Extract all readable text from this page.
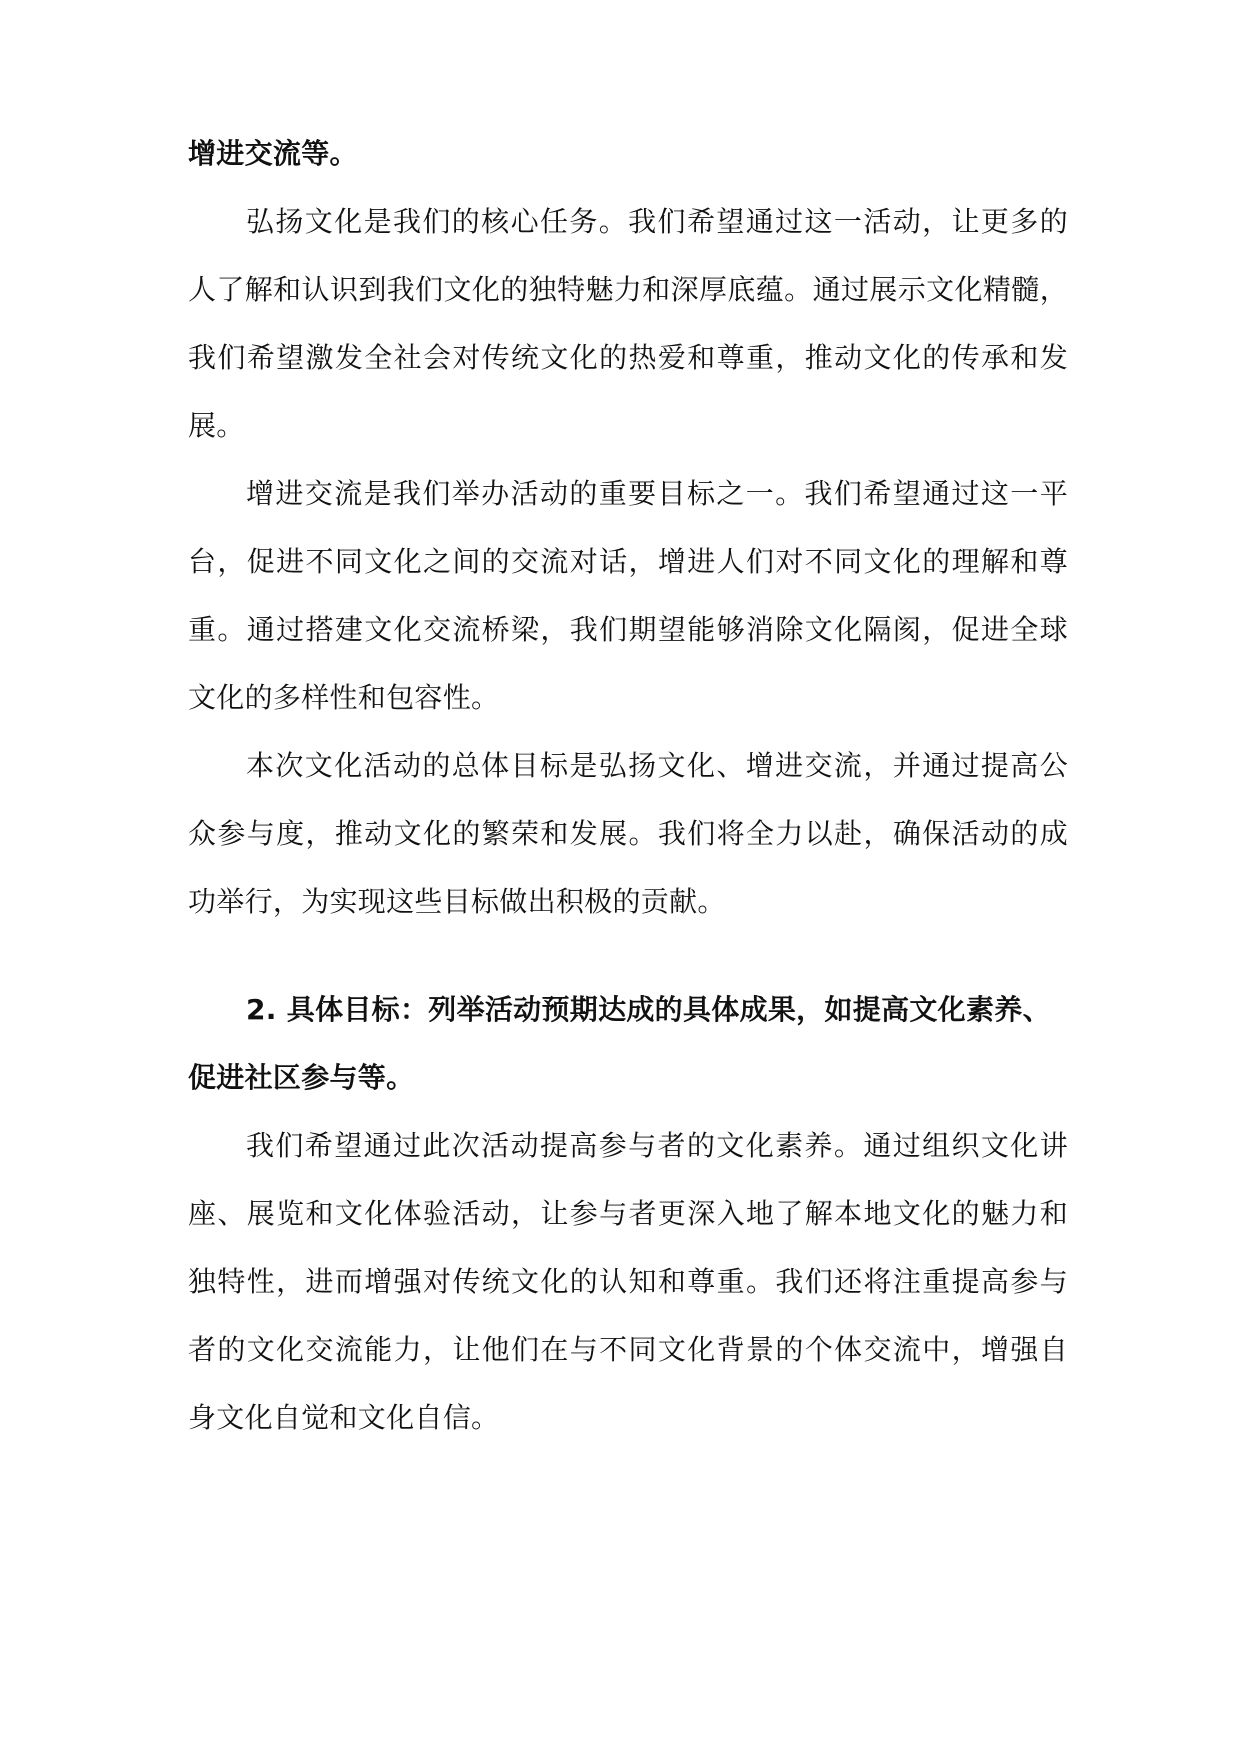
增进交流等。
弘扬文化是我们的核心任务。我们希望通过这一活动，让更多的
人了解和认识到我们文化的独特魅力和深厚底蕴。通过展示文化精髓，
我们希望激发全社会对传统文化的热爱和尊重，推动文化的传承和发
展。
增进交流是我们举办活动的重要目标之一。我们希望通过这一平
台，促进不同文化之间的交流对话，增进人们对不同文化的理解和尊
重。通过搭建文化交流桥梁，我们期望能够消除文化隔阂，促进全球
文化的多样性和包容性。
本次文化活动的总体目标是弘扬文化、增进交流，并通过提高公
众参与度，推动文化的繁荣和发展。我们将全力以赴，确保活动的成
功举行，为实现这些目标做出积极的贡献。
2. 具体目标：列举活动预期达成的具体成果，如提高文化素养、
促进社区参与等。
我们希望通过此次活动提高参与者的文化素养。通过组织文化讲
座、展览和文化体验活动，让参与者更深入地了解本地文化的魅力和
独特性，进而增强对传统文化的认知和尊重。我们还将注重提高参与
者的文化交流能力，让他们在与不同文化背景的个体交流中，增强自
身文化自觉和文化自信。
